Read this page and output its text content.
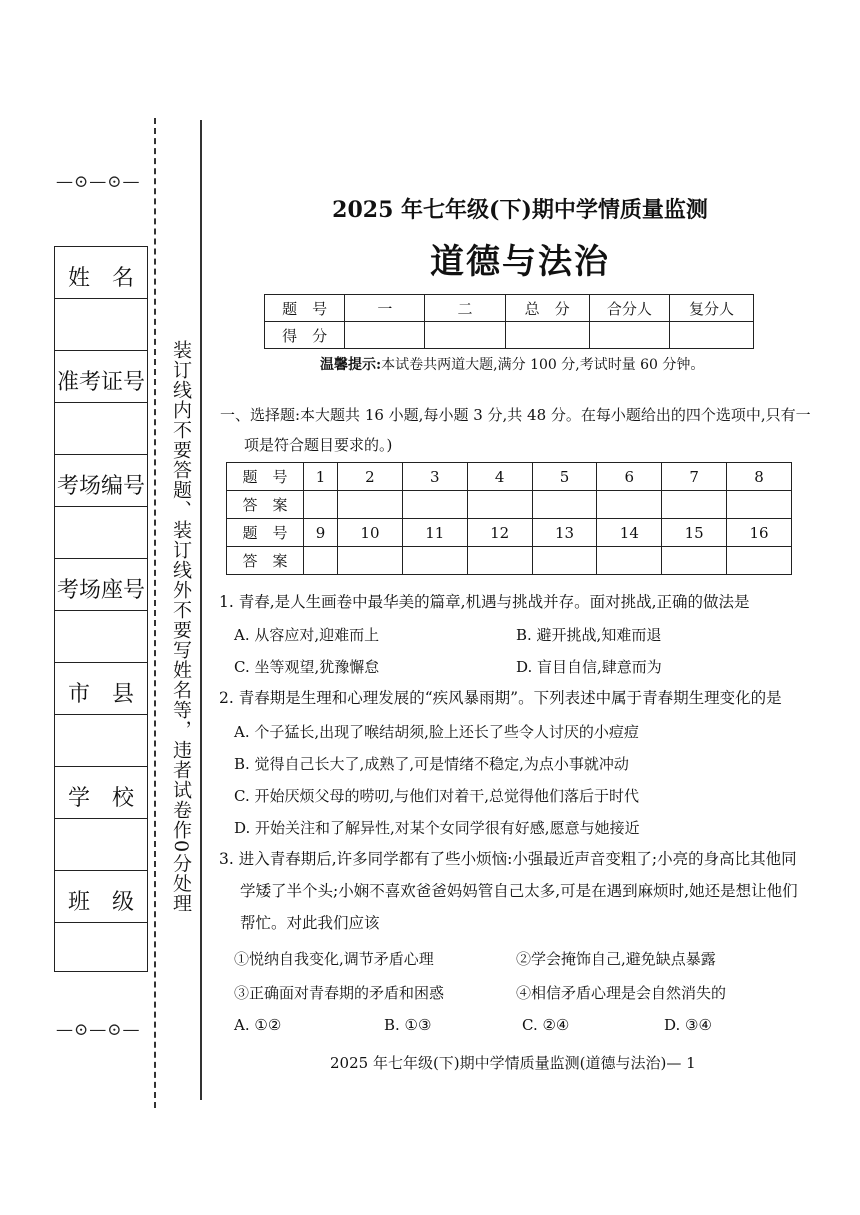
—⊙—⊙—
姓　名
准考证号
考场编号
考场座号
市　县
学　校
班　级
—⊙—⊙—
装订线内不要答题、装订线外不要写姓名等，违者试卷作0分处理
2025 年七年级(下)期中学情质量监测
道德与法治
题　号	一	二	总　分	合分人	复分人
得　分					
温馨提示:本试卷共两道大题,满分 100 分,考试时量 60 分钟。
一、选择题:本大题共 16 小题,每小题 3 分,共 48 分。在每小题给出的四个选项中,只有一
项是符合题目要求的。)
题　号	1	2	3	4	5	6	7	8
答　案								
题　号	9	10	11	12	13	14	15	16
答　案								
1. 青春,是人生画卷中最华美的篇章,机遇与挑战并存。面对挑战,正确的做法是
A. 从容应对,迎难而上	B. 避开挑战,知难而退
C. 坐等观望,犹豫懈怠	D. 盲目自信,肆意而为
2. 青春期是生理和心理发展的“疾风暴雨期”。下列表述中属于青春期生理变化的是
A. 个子猛长,出现了喉结胡须,脸上还长了些令人讨厌的小痘痘
B. 觉得自己长大了,成熟了,可是情绪不稳定,为点小事就冲动
C. 开始厌烦父母的唠叨,与他们对着干,总觉得他们落后于时代
D. 开始关注和了解异性,对某个女同学很有好感,愿意与她接近
3. 进入青春期后,许多同学都有了些小烦恼:小强最近声音变粗了;小亮的身高比其他同
学矮了半个头;小娴不喜欢爸爸妈妈管自己太多,可是在遇到麻烦时,她还是想让他们
帮忙。对此我们应该
①悦纳自我变化,调节矛盾心理	②学会掩饰自己,避免缺点暴露
③正确面对青春期的矛盾和困惑	④相信矛盾心理是会自然消失的
A. ①②	B. ①③	C. ②④	D. ③④
2025 年七年级(下)期中学情质量监测(道德与法治)— 1
